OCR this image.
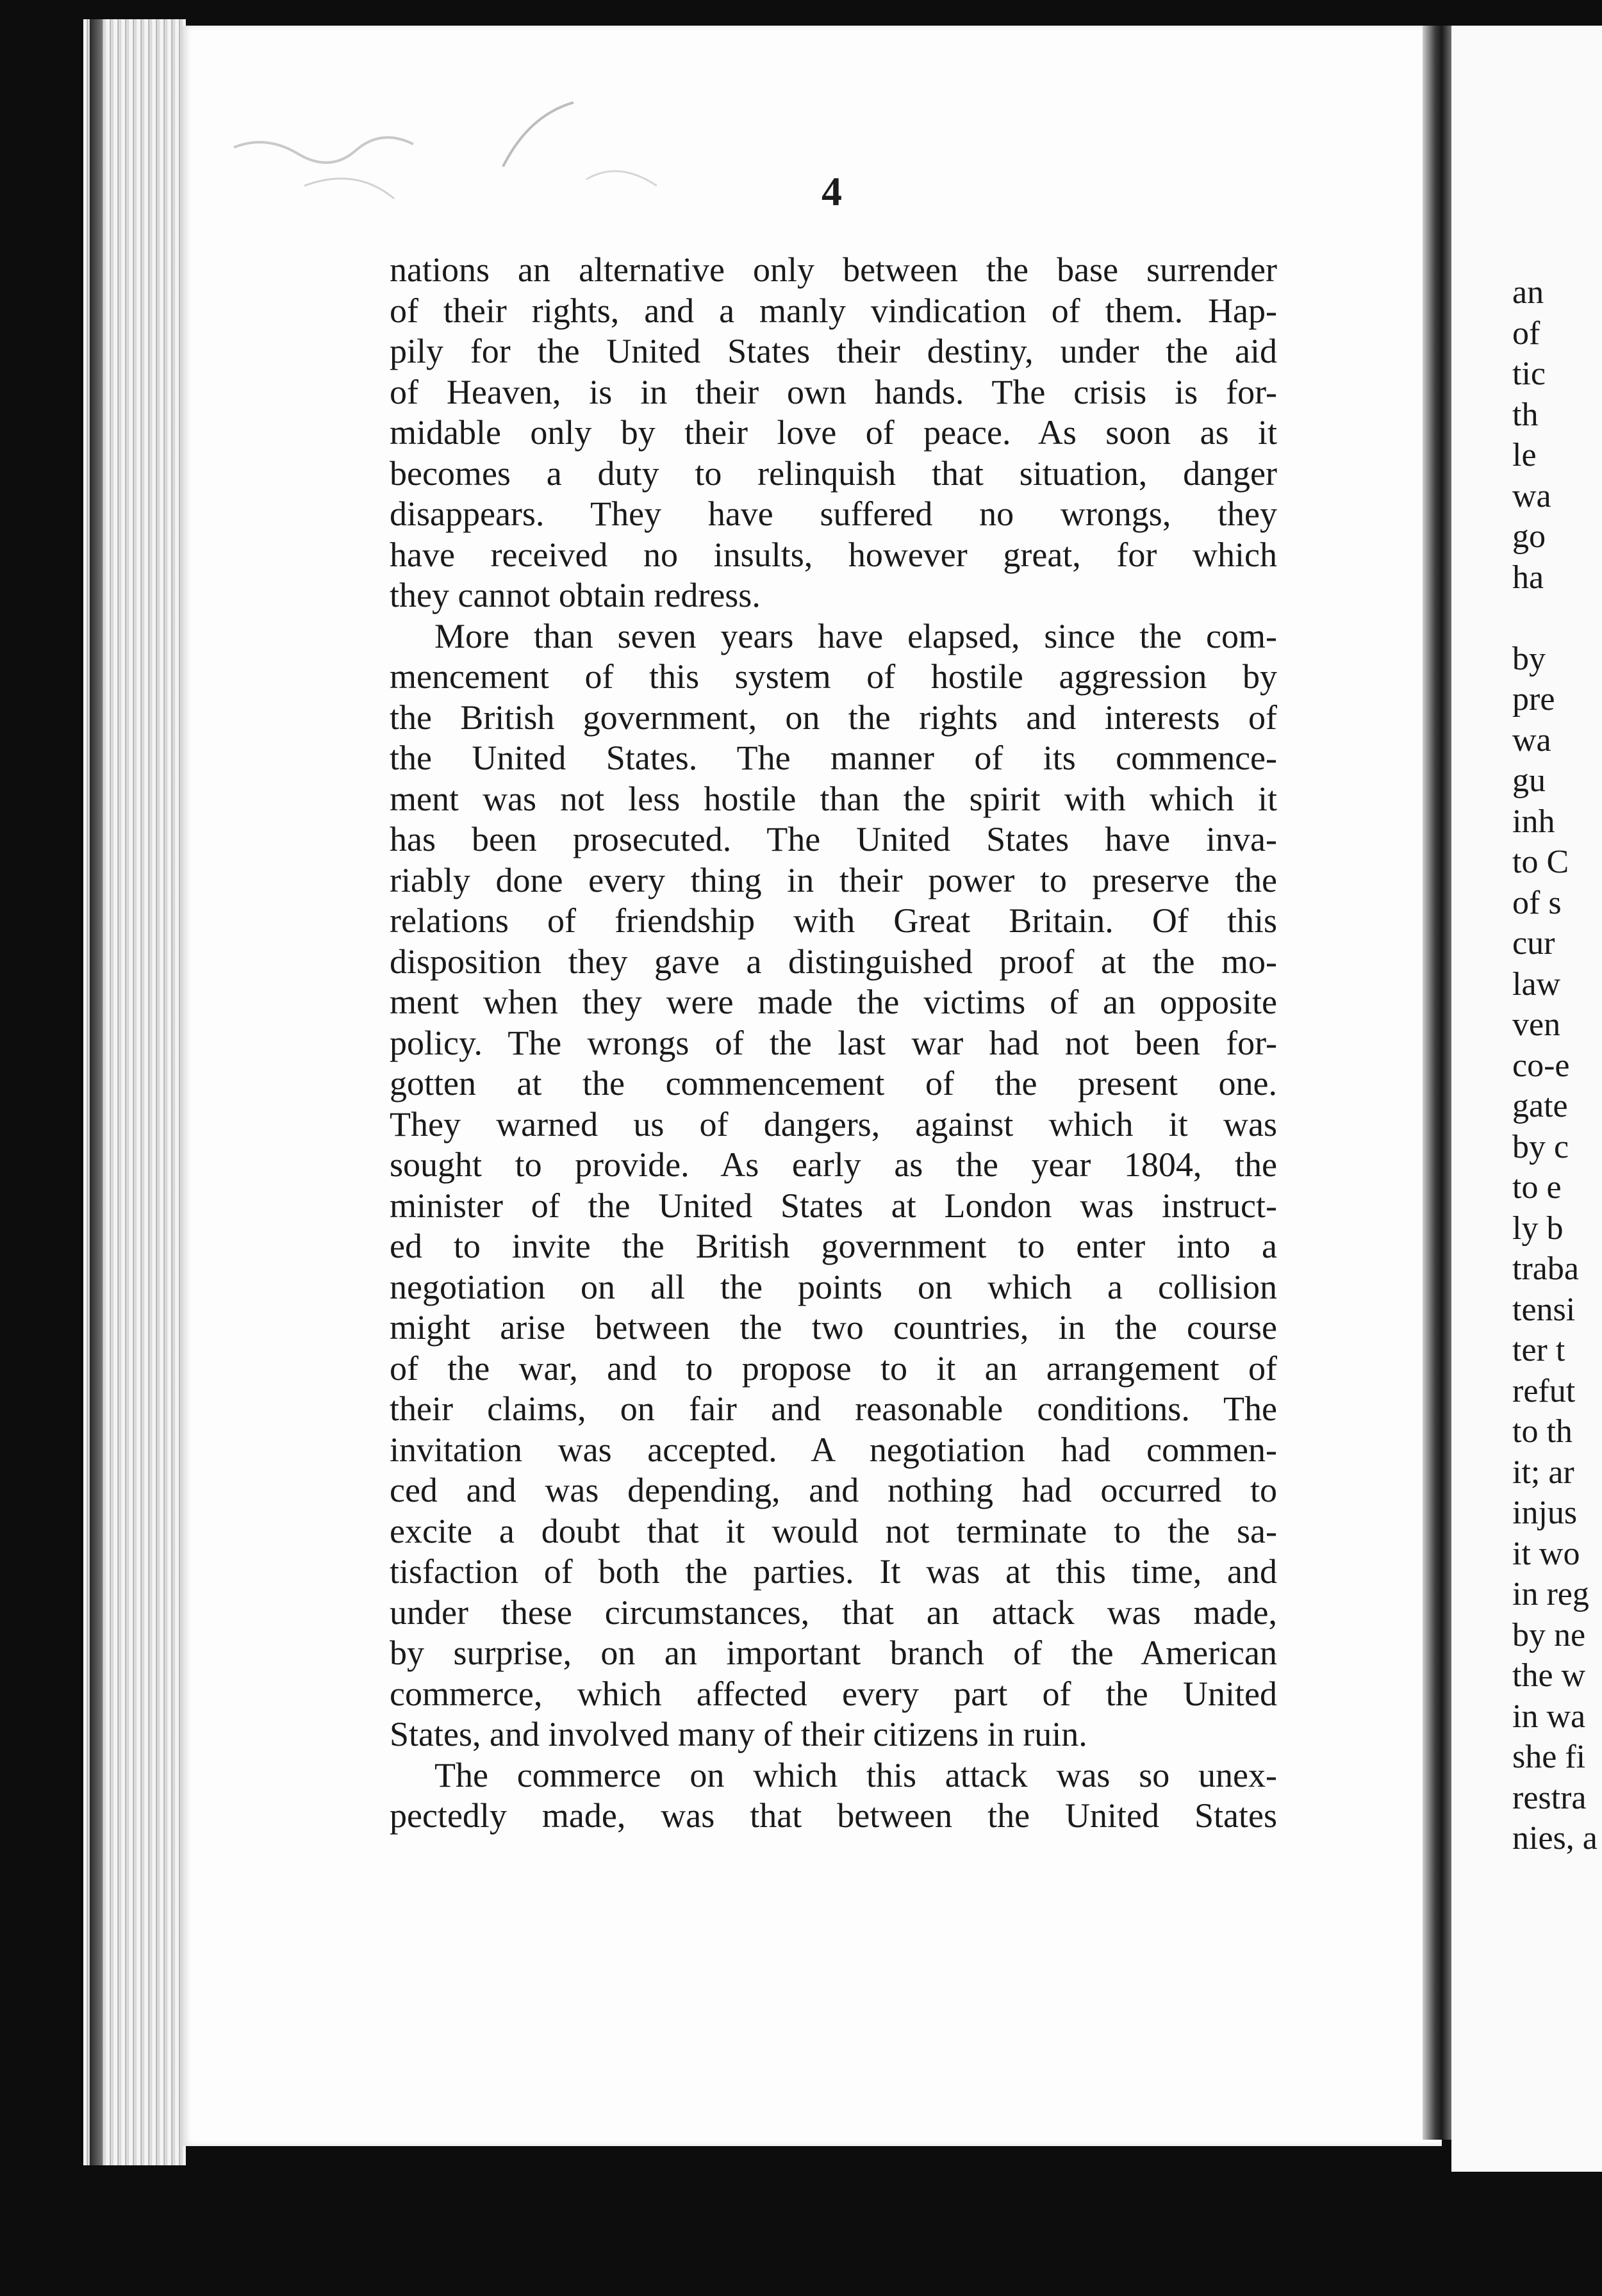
4

nations an alternative only between the base surrender
of their rights, and a manly vindication of them. Hap-
pily for the United States their destiny, under the aid
of Heaven, is in their own hands. The crisis is for-
midable only by their love of peace. As soon as it
becomes a duty to relinquish that situation, danger
disappears. They have suffered no wrongs, they
have received no insults, however great, for which
they cannot obtain redress.
More than seven years have elapsed, since the com-
mencement of this system of hostile aggression by
the British government, on the rights and interests of
the United States. The manner of its commence-
ment was not less hostile than the spirit with which it
has been prosecuted. The United States have inva-
riably done every thing in their power to preserve the
relations of friendship with Great Britain. Of this
disposition they gave a distinguished proof at the mo-
ment when they were made the victims of an opposite
policy. The wrongs of the last war had not been for-
gotten at the commencement of the present one.
They warned us of dangers, against which it was
sought to provide. As early as the year 1804, the
minister of the United States at London was instruct-
ed to invite the British government to enter into a
negotiation on all the points on which a collision
might arise between the two countries, in the course
of the war, and to propose to it an arrangement of
their claims, on fair and reasonable conditions. The
invitation was accepted. A negotiation had commen-
ced and was depending, and nothing had occurred to
excite a doubt that it would not terminate to the sa-
tisfaction of both the parties. It was at this time, and
under these circumstances, that an attack was made,
by surprise, on an important branch of the American
commerce, which affected every part of the United
States, and involved many of their citizens in ruin.
The commerce on which this attack was so unex-
pectedly made, was that between the United States
an
of
tic
th
le
wa
go
ha
by
pre
wa
gu
inh
to C
of s
cur
law
ven
co-e
gate
by c
to e
ly b
traba
tensi
ter t
refut
to th
it; ar
injus
it wo
in reg
by ne
the w
in wa
she fi
restra
nies, a
